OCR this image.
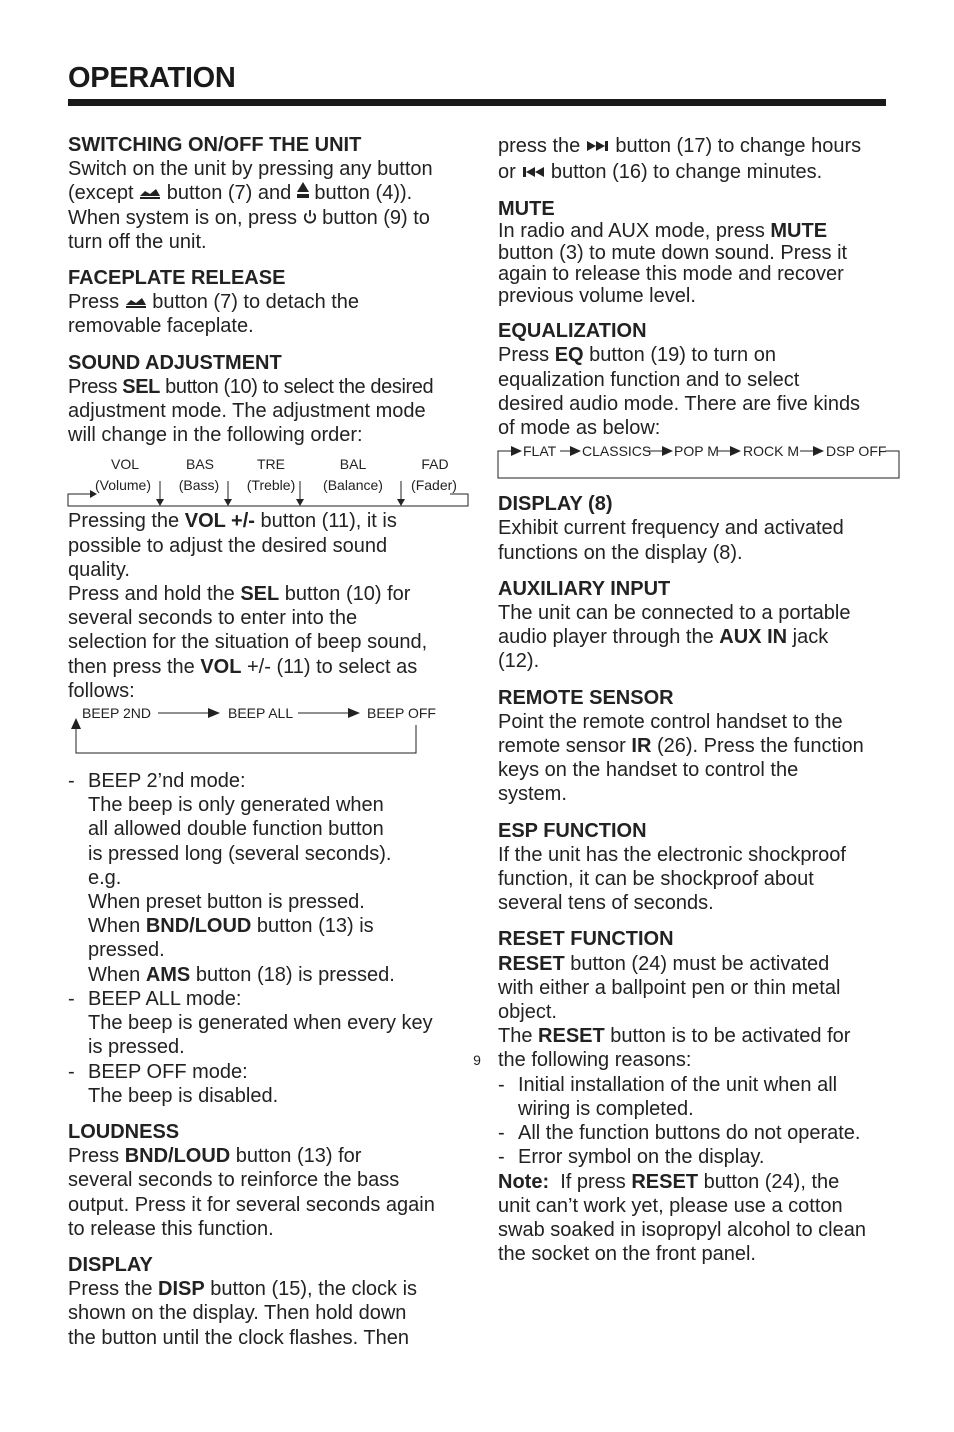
OPERATION
SWITCHING ON/OFF THE UNIT

Switch on the unit by pressing any button

(except  button (7) and  button (4)).

When system is on, press  button (9) to

turn off the unit.

FACEPLATE RELEASE

Press  button (7) to detach the

removable faceplate.

SOUND ADJUSTMENT

Press SEL button (10) to select the desired

adjustment mode. The adjustment mode

will change in the following order:

VOL
(Volume)
BAS
(Bass)
TRE
(Treble)
BAL
(Balance)
FAD
(Fader)

Pressing the VOL +/- button (11), it is

possible to adjust the desired sound

quality.

Press and hold the SEL button (10) for

several seconds to enter into the

selection for the situation of beep sound,

then press the VOL +/- (11) to select as

follows:

BEEP 2ND	BEEP ALL	BEEP OFF
- BEEP 2’nd mode:

The beep is only generated when

all allowed double function button

is pressed long (several seconds).

e.g.

When preset button is pressed.

When BND/LOUD button (13) is

pressed.

When AMS button (18) is pressed.

- BEEP ALL mode:

The beep is generated when every key

is pressed.

- BEEP OFF mode:

The beep is disabled.

LOUDNESS

Press BND/LOUD button (13) for

several seconds to reinforce the bass

output. Press it for several seconds again

to release this function.

DISPLAY

Press the DISP button (15), the clock is

shown on the display. Then hold down

the button until the clock flashes. Then

press the  button (17) to change hours

or  button (16) to change minutes.

MUTE

In radio and AUX mode, press MUTE

button (3) to mute down sound. Press it

again to release this mode and recover

previous volume level.

EQUALIZATION

Press EQ button (19) to turn on

equalization function and to select

desired audio mode. There are five kinds

of mode as below:

FLAT CLASSICS POP M ROCK M DSP OFF
DISPLAY (8)

Exhibit current frequency and activated

functions on the display (8).

AUXILIARY INPUT

The unit can be connected to a portable

audio player through the AUX IN jack

(12).

REMOTE SENSOR

Point the remote control handset to the

remote sensor IR (26). Press the function

keys on the handset to control the

system.

ESP FUNCTION

If the unit has the electronic shockproof

function, it can be shockproof about

several tens of seconds.

RESET FUNCTION

RESET button (24) must be activated

with either a ballpoint pen or thin metal

object.

The RESET button is to be activated for

the following reasons:

- Initial installation of the unit when all

wiring is completed.

- All the function buttons do not operate.

- Error symbol on the display.

Note:  If press RESET button (24), the

unit can’t work yet, please use a cotton

swab soaked in isopropyl alcohol to clean

the socket on the front panel.

9
